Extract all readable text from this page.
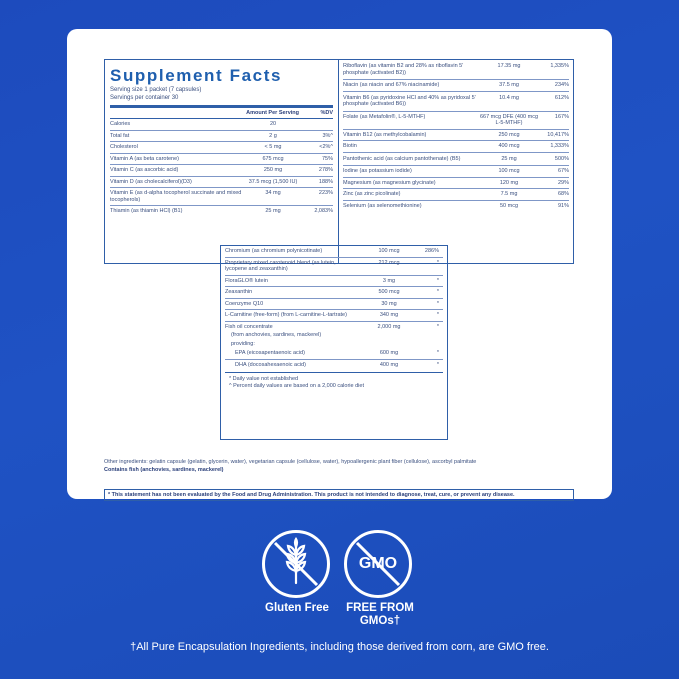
Supplement Facts
Serving size 1 packet (7 capsules)
Servings per container 30
Amount Per Serving	%DV
Calories	20
Total fat	2 g	3%^
Cholesterol	< 5 mg	<2%^
Vitamin A (as beta carotene)	675 mcg	75%
Vitamin C (as ascorbic acid)	250 mg	278%
Vitamin D (as cholecalciferol)(D3)	37.5 mcg (1,500 IU)	188%
Vitamin E (as d-alpha tocopherol succinate and mixed tocopherols)
34 mg	223%
Thiamin (as thiamin HCl) (B1)	25 mg	2,083%
Riboflavin (as vitamin B2 and 28% as riboflavin 5' phosphate (activated B2))
17.35 mg	1,335%
Niacin (as niacin and 67% niacinamide)	37.5 mg	234%
Vitamin B6 (as pyridoxine HCl and 40% as pyridoxal 5' phosphate (activated B6))
10.4 mg	612%
Folate (as Metafolin®, L-5-MTHF)	667 mcg DFE (400 mcg L-5-MTHF)
167%
Vitamin B12 (as methylcobalamin)	250 mcg	10,417%
Biotin	400 mcg	1,333%
Pantothenic acid (as calcium pantothenate) (B5)	25 mg	500%
Iodine (as potassium iodide)	100 mcg	67%
Magnesium (as magnesium glycinate)	120 mg	29%
Zinc (as zinc picolinate)	7.5 mg	68%
Selenium (as selenomethionine)	50 mcg	91%
Chromium (as chromium polynicotinate)	100 mcg	286%
Proprietary mixed carotenoid blend (as lutein, lycopene and zeaxanthin)
212 mcg	*
FloraGLO® lutein	3 mg	*
Zeaxanthin	500 mcg	*
Coenzyme Q10	30 mg	*
L-Carnitine (free-form) (from L-carnitine-L-tartrate)	340 mg	*
Fish oil concentrate	2,000 mg	*
(from anchovies, sardines, mackerel)
providing:
EPA (eicosapentaenoic acid)	600 mg	*
DHA (docosahexaenoic acid)	400 mg	*
* Daily value not established
^ Percent daily values are based on a 2,000 calorie diet
Other ingredients: gelatin capsule (gelatin, glycerin, water), vegetarian capsule (cellulose, water), hypoallergenic plant fiber (cellulose), ascorbyl palmitate
Contains fish (anchovies, sardines, mackerel)
* This statement has not been evaluated by the Food and Drug Administration. This product is not intended to diagnose, treat, cure, or prevent any disease.
Gluten Free
GMO
FREE FROM
GMOs†
†All Pure Encapsulation Ingredients, including those derived from corn, are GMO free.
